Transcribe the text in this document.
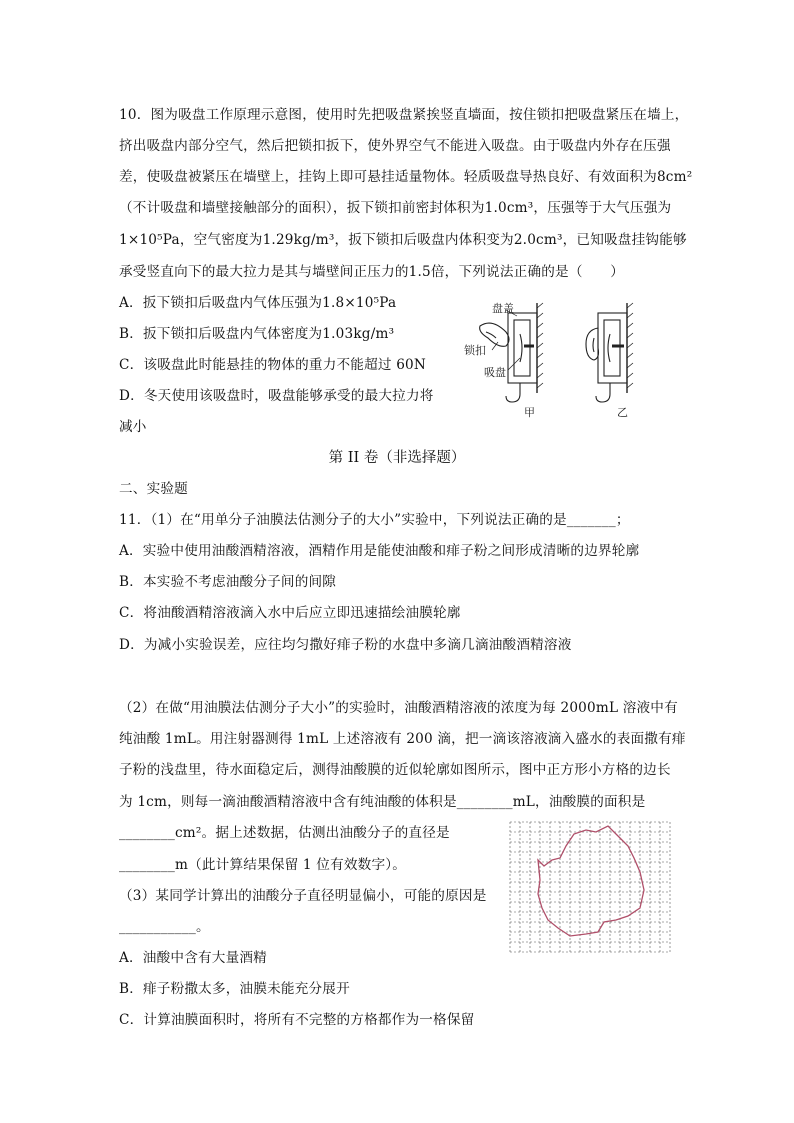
10．图为吸盘工作原理示意图，使用时先把吸盘紧挨竖直墙面，按住锁扣把吸盘紧压在墙上，
挤出吸盘内部分空气，然后把锁扣扳下，使外界空气不能进入吸盘。由于吸盘内外存在压强
差，使吸盘被紧压在墙壁上，挂钩上即可悬挂适量物体。轻质吸盘导热良好、有效面积为8cm²
（不计吸盘和墙壁接触部分的面积），扳下锁扣前密封体积为1.0cm³，压强等于大气压强为
1×10⁵Pa，空气密度为1.29kg/m³，扳下锁扣后吸盘内体积变为2.0cm³，已知吸盘挂钩能够
承受竖直向下的最大拉力是其与墙壁间正压力的1.5倍，下列说法正确的是（　　）
A．扳下锁扣后吸盘内气体压强为1.8×10⁵Pa
B．扳下锁扣后吸盘内气体密度为1.03kg/m³
C．该吸盘此时能悬挂的物体的重力不能超过 60N
D．冬天使用该吸盘时，吸盘能够承受的最大拉力将
减小
盘盖
锁扣
吸盘
甲	乙
第 II 卷（非选择题）
二、实验题
11．（1）在“用单分子油膜法估测分子的大小”实验中，下列说法正确的是_______；
A．实验中使用油酸酒精溶液，酒精作用是能使油酸和痱子粉之间形成清晰的边界轮廓
B．本实验不考虑油酸分子间的间隙
C．将油酸酒精溶液滴入水中后应立即迅速描绘油膜轮廓
D．为减小实验误差，应往均匀撒好痱子粉的水盘中多滴几滴油酸酒精溶液
（2）在做“用油膜法估测分子大小”的实验时，油酸酒精溶液的浓度为每 2000mL 溶液中有
纯油酸 1mL。用注射器测得 1mL 上述溶液有 200 滴，把一滴该溶液滴入盛水的表面撒有痱
子粉的浅盘里，待水面稳定后，测得油酸膜的近似轮廓如图所示，图中正方形小方格的边长
为 1cm，则每一滴油酸酒精溶液中含有纯油酸的体积是________mL，油酸膜的面积是
________cm²。据上述数据，估测出油酸分子的直径是
________m（此计算结果保留 1 位有效数字）。
（3）某同学计算出的油酸分子直径明显偏小，可能的原因是
___________。
A．油酸中含有大量酒精
B．痱子粉撒太多，油膜未能充分展开
C．计算油膜面积时，将所有不完整的方格都作为一格保留
